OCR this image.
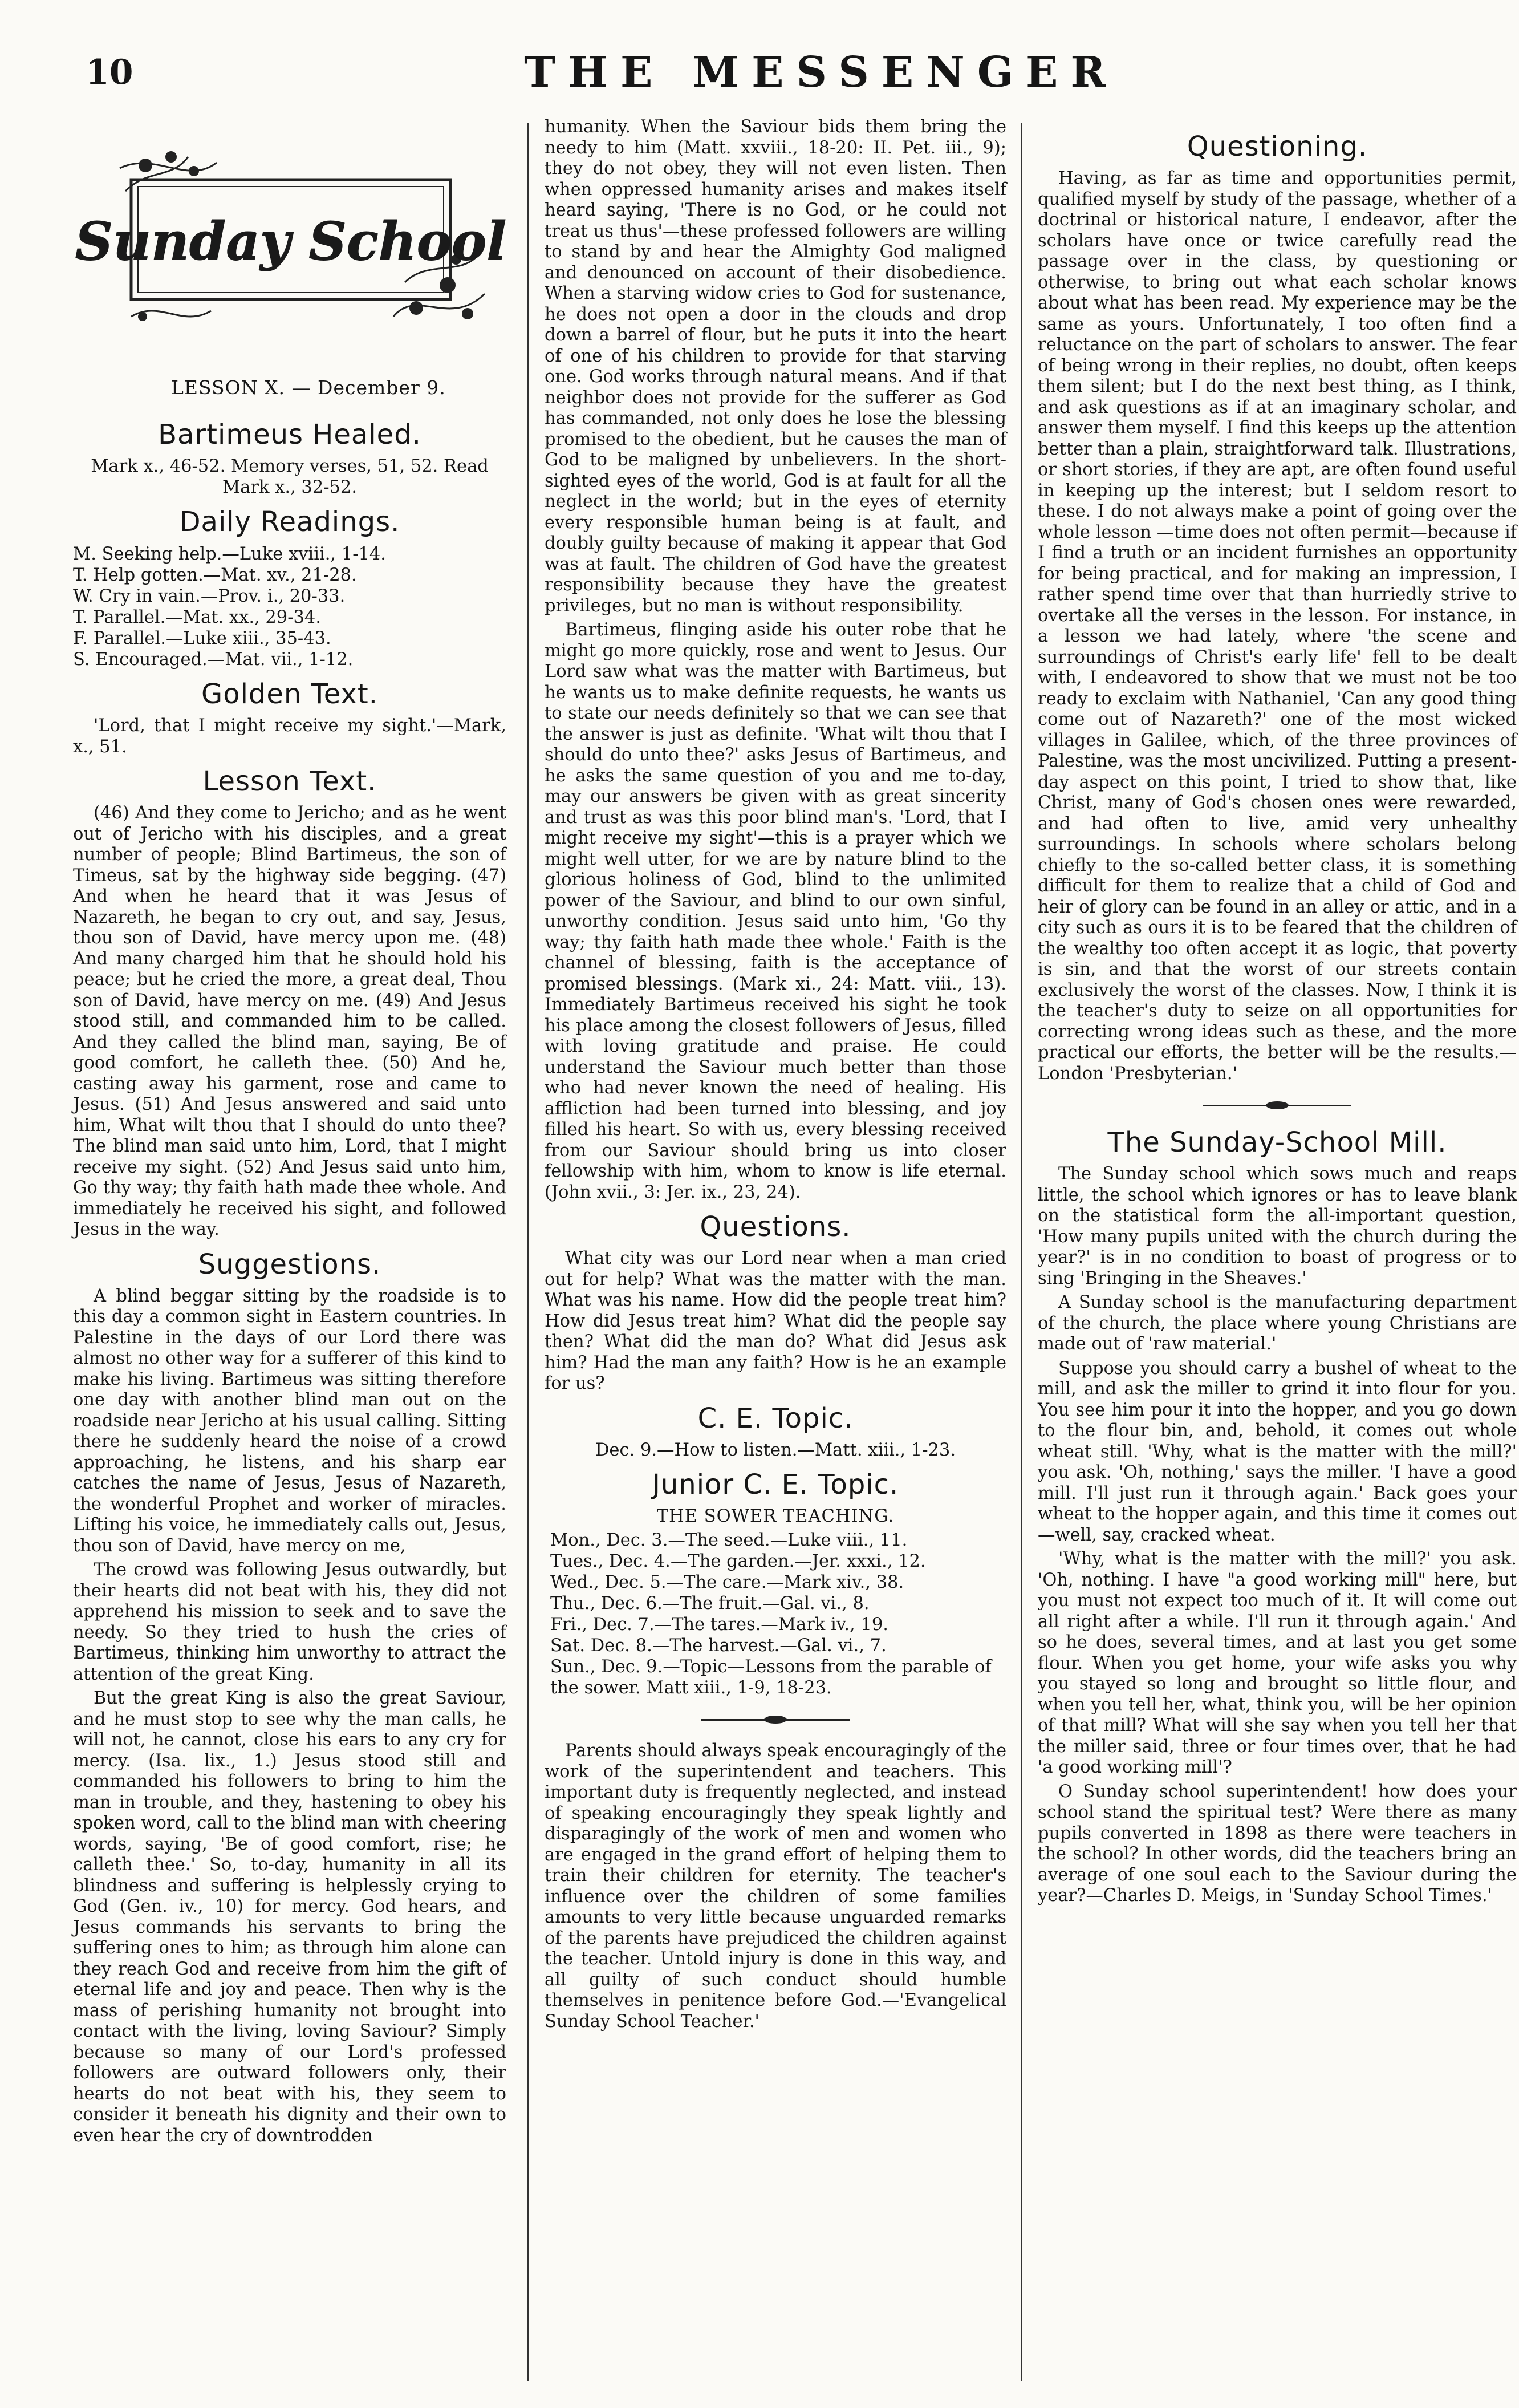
10	THE MESSENGER
Sunday School
LESSON X. — December 9.
Bartimeus Healed.

Mark x., 46-52. Memory verses, 51, 52. Read Mark x., 32-52.

Daily Readings.
M. Seeking help.—Luke xviii., 1-14.
T. Help gotten.—Mat. xv., 21-28.
W. Cry in vain.—Prov. i., 20-33.
T. Parallel.—Mat. xx., 29-34.
F. Parallel.—Luke xiii., 35-43.
S. Encouraged.—Mat. vii., 1-12.
Golden Text.

'Lord, that I might receive my sight.'—Mark, x., 51.

Lesson Text.

(46) And they come to Jericho; and as he went out of Jericho with his disciples, and a great number of people; Blind Bartimeus, the son of Timeus, sat by the highway side begging. (47) And when he heard that it was Jesus of Nazareth, he began to cry out, and say, Jesus, thou son of David, have mercy upon me. (48) And many charged him that he should hold his peace; but he cried the more, a great deal, Thou son of David, have mercy on me. (49) And Jesus stood still, and commanded him to be called. And they called the blind man, saying, Be of good comfort, he calleth thee. (50) And he, casting away his garment, rose and came to Jesus. (51) And Jesus answered and said unto him, What wilt thou that I should do unto thee? The blind man said unto him, Lord, that I might receive my sight. (52) And Jesus said unto him, Go thy way; thy faith hath made thee whole. And immediately he received his sight, and followed Jesus in the way.

Suggestions.

A blind beggar sitting by the roadside is to this day a common sight in Eastern countries. In Palestine in the days of our Lord there was almost no other way for a sufferer of this kind to make his living. Bartimeus was sitting therefore one day with another blind man out on the roadside near Jericho at his usual calling. Sitting there he suddenly heard the noise of a crowd approaching, he listens, and his sharp ear catches the name of Jesus, Jesus of Nazareth, the wonderful Prophet and worker of miracles. Lifting his voice, he immediately calls out, Jesus, thou son of David, have mercy on me,

The crowd was following Jesus outwardly, but their hearts did not beat with his, they did not apprehend his mission to seek and to save the needy. So they tried to hush the cries of Bartimeus, thinking him unworthy to attract the attention of the great King.

But the great King is also the great Saviour, and he must stop to see why the man calls, he will not, he cannot, close his ears to any cry for mercy. (Isa. lix., 1.) Jesus stood still and commanded his followers to bring to him the man in trouble, and they, hastening to obey his spoken word, call to the blind man with cheering words, saying, 'Be of good comfort, rise; he calleth thee.' So, to-day, humanity in all its blindness and suffering is helplessly crying to God (Gen. iv., 10) for mercy. God hears, and Jesus commands his servants to bring the suffering ones to him; as through him alone can they reach God and receive from him the gift of eternal life and joy and peace. Then why is the mass of perishing humanity not brought into contact with the living, loving Saviour? Simply because so many of our Lord's professed followers are outward followers only, their hearts do not beat with his, they seem to consider it beneath his dignity and their own to even hear the cry of downtrodden

humanity. When the Saviour bids them bring the needy to him (Matt. xxviii., 18-20: II. Pet. iii., 9); they do not obey, they will not even listen. Then when oppressed humanity arises and makes itself heard saying, 'There is no God, or he could not treat us thus'—these professed followers are willing to stand by and hear the Almighty God maligned and denounced on account of their disobedience. When a starving widow cries to God for sustenance, he does not open a door in the clouds and drop down a barrel of flour, but he puts it into the heart of one of his children to provide for that starving one. God works through natural means. And if that neighbor does not provide for the sufferer as God has commanded, not only does he lose the blessing promised to the obedient, but he causes the man of God to be maligned by unbelievers. In the short-sighted eyes of the world, God is at fault for all the neglect in the world; but in the eyes of eternity every responsible human being is at fault, and doubly guilty because of making it appear that God was at fault. The children of God have the greatest responsibility because they have the greatest privileges, but no man is without responsibility.

Bartimeus, flinging aside his outer robe that he might go more quickly, rose and went to Jesus. Our Lord saw what was the matter with Bartimeus, but he wants us to make definite requests, he wants us to state our needs definitely so that we can see that the answer is just as definite. 'What wilt thou that I should do unto thee?' asks Jesus of Bartimeus, and he asks the same question of you and me to-day, may our answers be given with as great sincerity and trust as was this poor blind man's. 'Lord, that I might receive my sight'—this is a prayer which we might well utter, for we are by nature blind to the glorious holiness of God, blind to the unlimited power of the Saviour, and blind to our own sinful, unworthy condition. Jesus said unto him, 'Go thy way; thy faith hath made thee whole.' Faith is the channel of blessing, faith is the acceptance of promised blessings. (Mark xi., 24: Matt. viii., 13). Immediately Bartimeus received his sight he took his place among the closest followers of Jesus, filled with loving gratitude and praise. He could understand the Saviour much better than those who had never known the need of healing. His affliction had been turned into blessing, and joy filled his heart. So with us, every blessing received from our Saviour should bring us into closer fellowship with him, whom to know is life eternal. (John xvii., 3: Jer. ix., 23, 24).

Questions.

What city was our Lord near when a man cried out for help? What was the matter with the man. What was his name. How did the people treat him? How did Jesus treat him? What did the people say then? What did the man do? What did Jesus ask him? Had the man any faith? How is he an example for us?

C. E. Topic.

Dec. 9.—How to listen.—Matt. xiii., 1-23.

Junior C. E. Topic.
THE SOWER TEACHING.
Mon., Dec. 3.—The seed.—Luke viii., 11.
Tues., Dec. 4.—The garden.—Jer. xxxi., 12.
Wed., Dec. 5.—The care.—Mark xiv., 38.
Thu., Dec. 6.—The fruit.—Gal. vi., 8.
Fri., Dec. 7.—The tares.—Mark iv., 19.
Sat. Dec. 8.—The harvest.—Gal. vi., 7.
Sun., Dec. 9.—Topic—Lessons from the parable of the sower. Matt xiii., 1-9, 18-23.

Parents should always speak encouragingly of the work of the superintendent and teachers. This important duty is frequently neglected, and instead of speaking encouragingly they speak lightly and disparagingly of the work of men and women who are engaged in the grand effort of helping them to train their children for eternity. The teacher's influence over the children of some families amounts to very little because unguarded remarks of the parents have prejudiced the children against the teacher. Untold injury is done in this way, and all guilty of such conduct should humble themselves in penitence before God.—'Evangelical Sunday School Teacher.'

Questioning.

Having, as far as time and opportunities permit, qualified myself by study of the passage, whether of a doctrinal or historical nature, I endeavor, after the scholars have once or twice carefully read the passage over in the class, by questioning or otherwise, to bring out what each scholar knows about what has been read. My experience may be the same as yours. Unfortunately, I too often find a reluctance on the part of scholars to answer. The fear of being wrong in their replies, no doubt, often keeps them silent; but I do the next best thing, as I think, and ask questions as if at an imaginary scholar, and answer them myself. I find this keeps up the attention better than a plain, straightforward talk. Illustrations, or short stories, if they are apt, are often found useful in keeping up the interest; but I seldom resort to these. I do not always make a point of going over the whole lesson —time does not often permit—because if I find a truth or an incident furnishes an opportunity for being practical, and for making an impression, I rather spend time over that than hurriedly strive to overtake all the verses in the lesson. For instance, in a lesson we had lately, where 'the scene and surroundings of Christ's early life' fell to be dealt with, I endeavored to show that we must not be too ready to exclaim with Nathaniel, 'Can any good thing come out of Nazareth?' one of the most wicked villages in Galilee, which, of the three provinces of Palestine, was the most uncivilized. Putting a present-day aspect on this point, I tried to show that, like Christ, many of God's chosen ones were rewarded, and had often to live, amid very unhealthy surroundings. In schools where scholars belong chiefly to the so-called better class, it is something difficult for them to realize that a child of God and heir of glory can be found in an alley or attic, and in a city such as ours it is to be feared that the children of the wealthy too often accept it as logic, that poverty is sin, and that the worst of our streets contain exclusively the worst of the classes. Now, I think it is the teacher's duty to seize on all opportunities for correcting wrong ideas such as these, and the more practical our efforts, the better will be the results.—London 'Presbyterian.'

The Sunday-School Mill.

The Sunday school which sows much and reaps little, the school which ignores or has to leave blank on the statistical form the all-important question, 'How many pupils united with the church during the year?' is in no condition to boast of progress or to sing 'Bringing in the Sheaves.'

A Sunday school is the manufacturing department of the church, the place where young Christians are made out of 'raw material.'

Suppose you should carry a bushel of wheat to the mill, and ask the miller to grind it into flour for you. You see him pour it into the hopper, and you go down to the flour bin, and, behold, it comes out whole wheat still. 'Why, what is the matter with the mill?' you ask. 'Oh, nothing,' says the miller. 'I have a good mill. I'll just run it through again.' Back goes your wheat to the hopper again, and this time it comes out —well, say, cracked wheat.

'Why, what is the matter with the mill?' you ask. 'Oh, nothing. I have "a good working mill" here, but you must not expect too much of it. It will come out all right after a while. I'll run it through again.' And so he does, several times, and at last you get some flour. When you get home, your wife asks you why you stayed so long and brought so little flour, and when you tell her, what, think you, will be her opinion of that mill? What will she say when you tell her that the miller said, three or four times over, that he had 'a good working mill'?

O Sunday school superintendent! how does your school stand the spiritual test? Were there as many pupils converted in 1898 as there were teachers in the school? In other words, did the teachers bring an average of one soul each to the Saviour during the year?—Charles D. Meigs, in 'Sunday School Times.'
